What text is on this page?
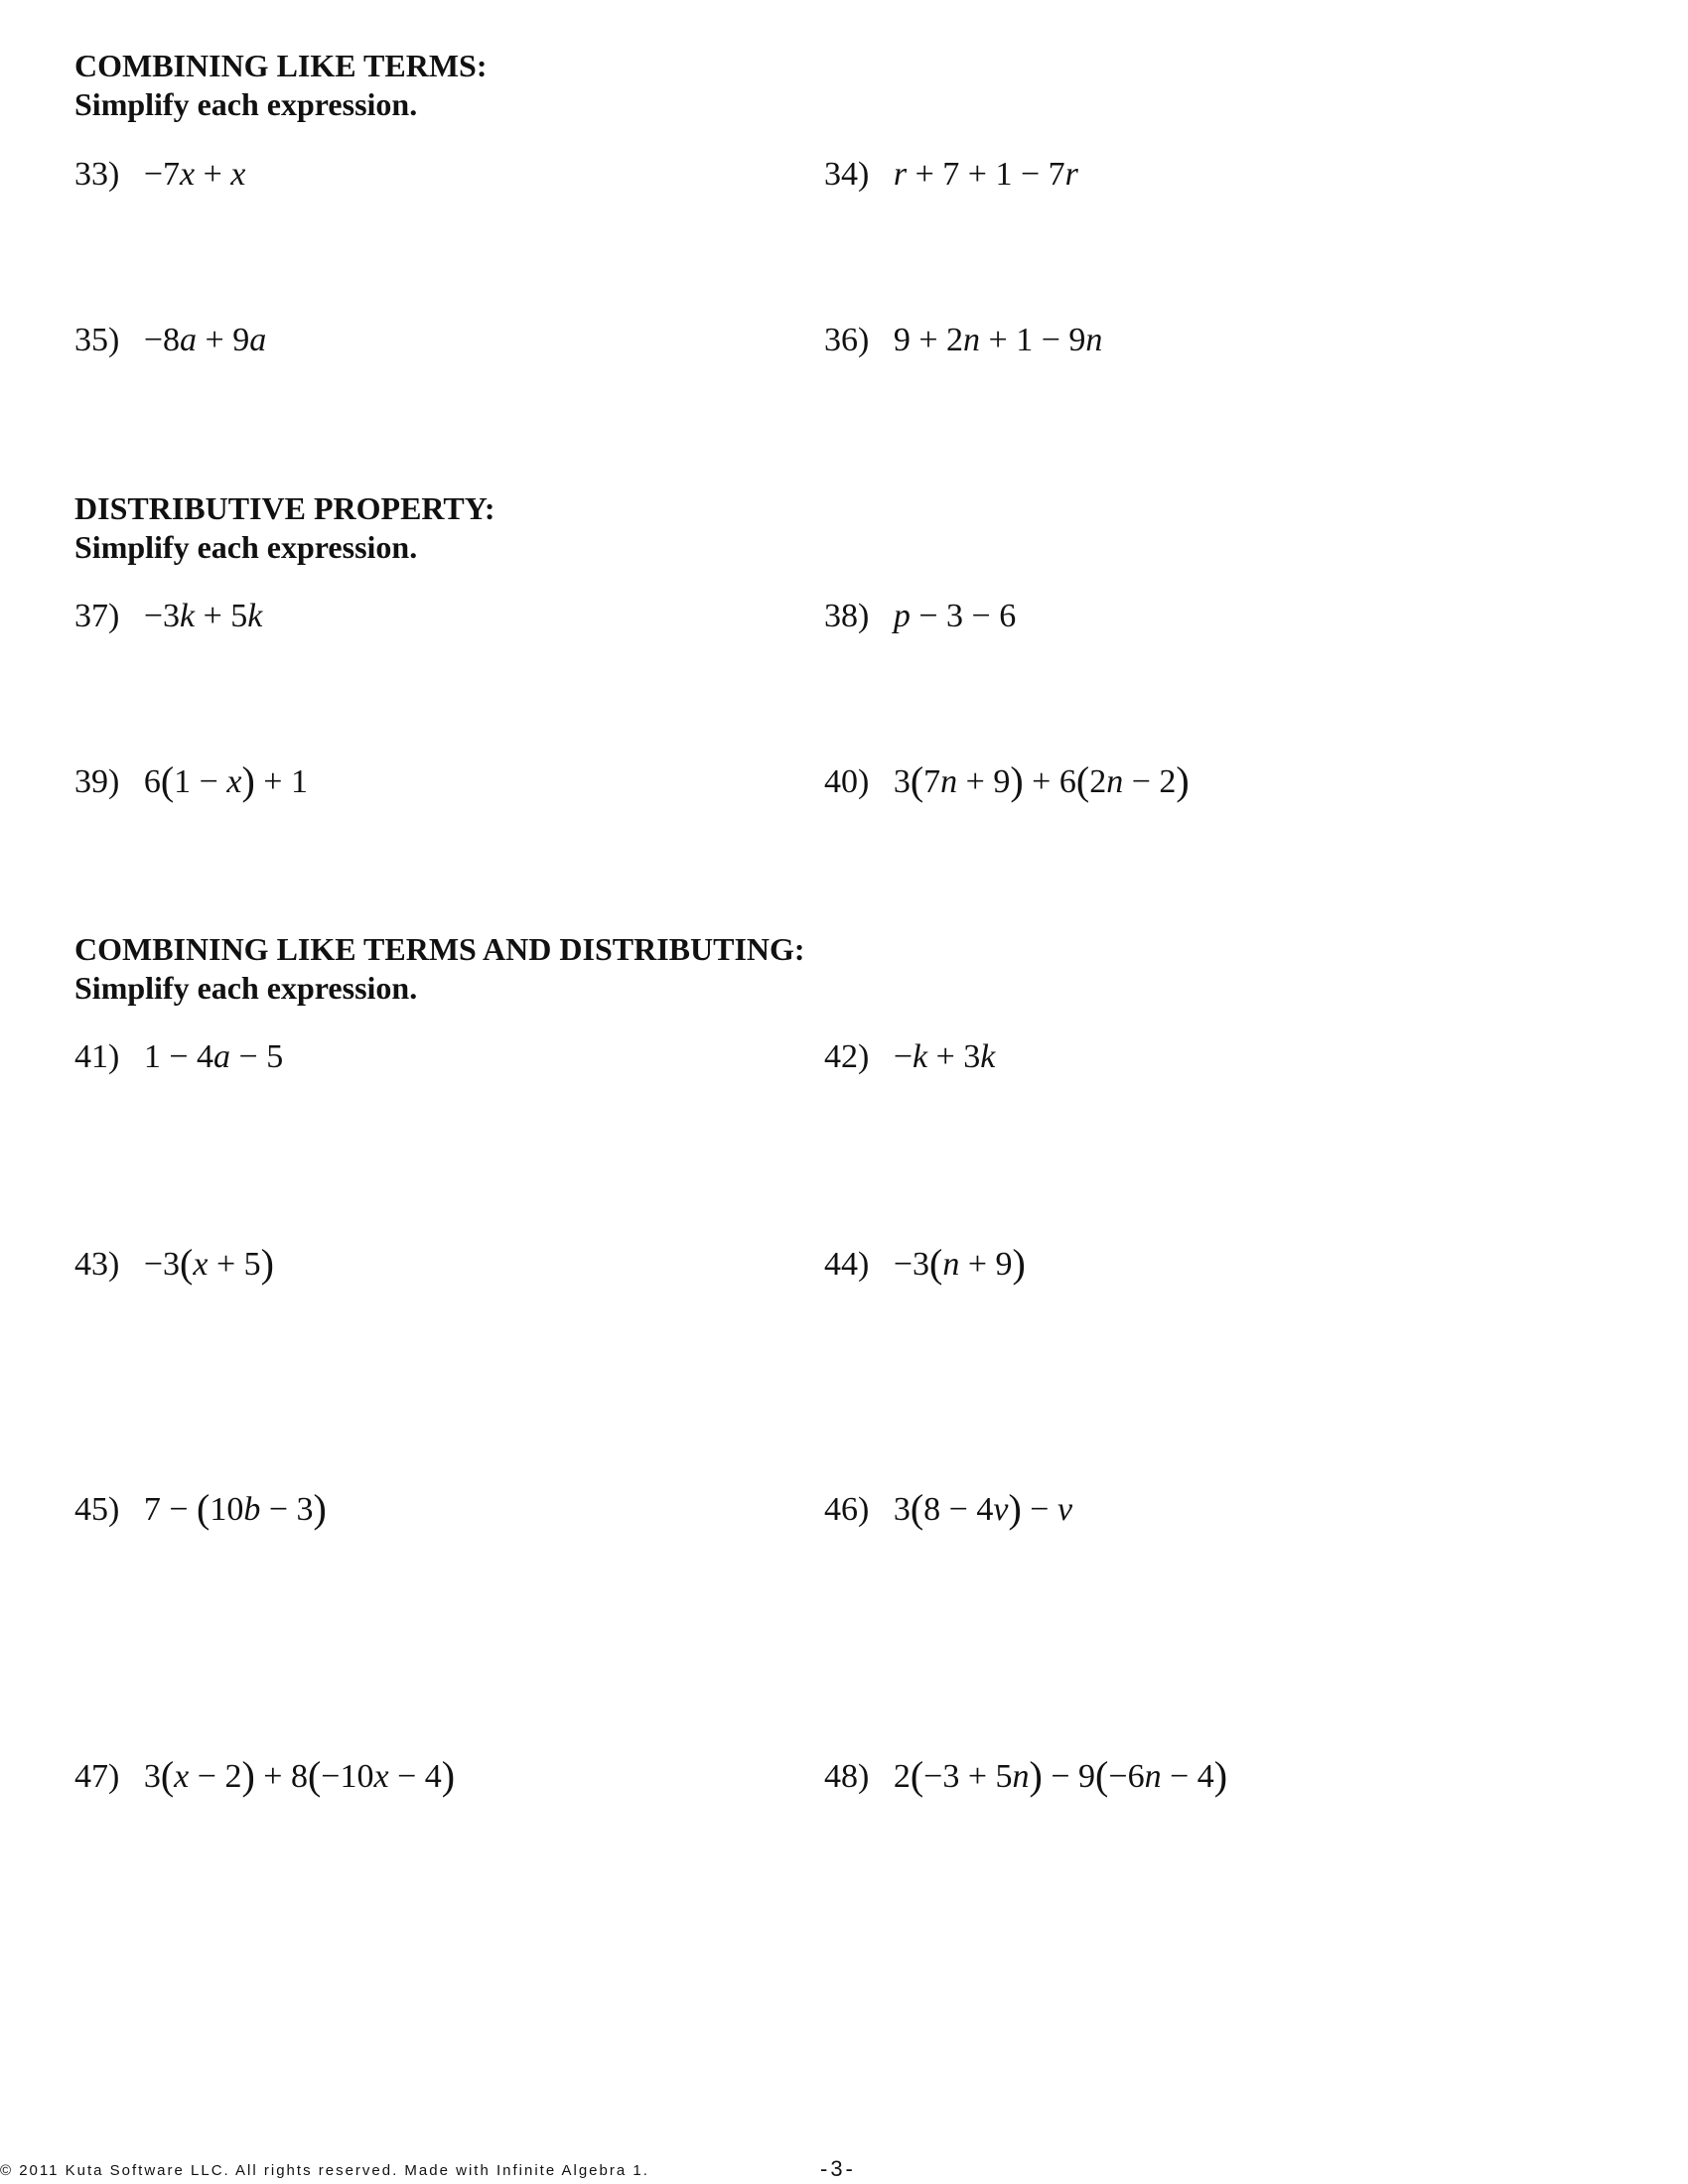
COMBINING LIKE TERMS:
Simplify each expression.
33) −7x + x	34) r + 7 + 1 − 7r
35) −8a + 9a	36) 9 + 2n + 1 − 9n
DISTRIBUTIVE PROPERTY:
Simplify each expression.
37) −3k + 5k	38) p − 3 − 6
39) 6(1 − x) + 1	40) 3(7n + 9) + 6(2n − 2)
COMBINING LIKE TERMS AND DISTRIBUTING:
Simplify each expression.
41) 1 − 4a − 5	42) −k + 3k
43) −3(x + 5)	44) −3(n + 9)
45) 7 − (10b − 3)	46) 3(8 − 4v) − v
47) 3(x − 2) + 8(−10x − 4)	48) 2(−3 + 5n) − 9(−6n − 4)
© 2011 Kuta Software LLC. All rights reserved. Made with Infinite Algebra 1.	-3-
